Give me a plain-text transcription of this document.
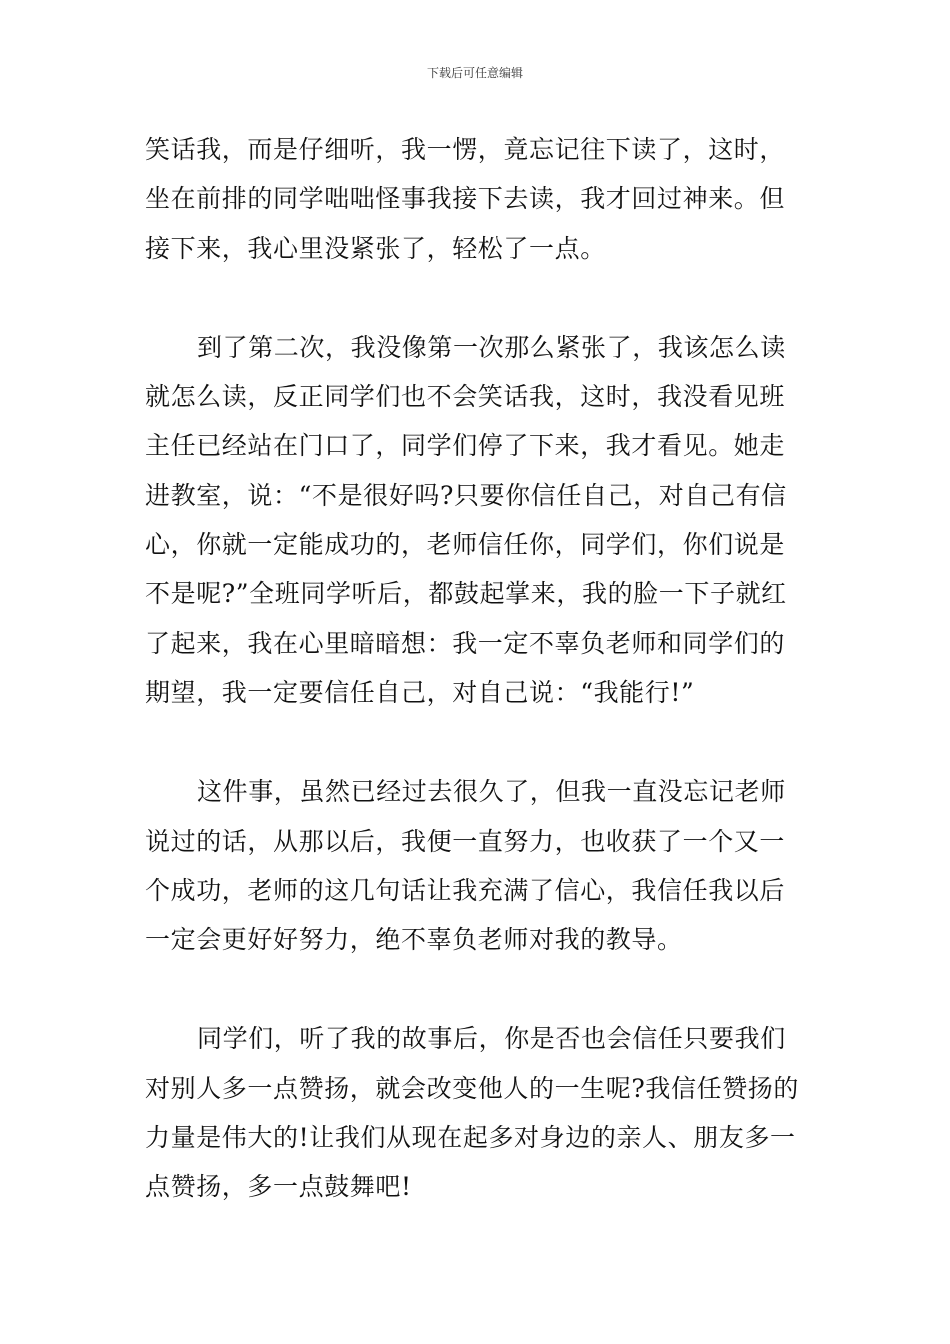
下载后可任意编辑

笑话我，而是仔细听，我一愣，竟忘记往下读了，这时，
坐在前排的同学咄咄怪事我接下去读，我才回过神来。但
接下来，我心里没紧张了，轻松了一点。

到了第二次，我没像第一次那么紧张了，我该怎么读
就怎么读，反正同学们也不会笑话我，这时，我没看见班
主任已经站在门口了，同学们停了下来，我才看见。她走
进教室，说：“不是很好吗?只要你信任自己，对自己有信
心，你就一定能成功的，老师信任你，同学们，你们说是
不是呢?”全班同学听后，都鼓起掌来，我的脸一下子就红
了起来，我在心里暗暗想：我一定不辜负老师和同学们的
期望，我一定要信任自己，对自己说：“我能行!”

这件事，虽然已经过去很久了，但我一直没忘记老师
说过的话，从那以后，我便一直努力，也收获了一个又一
个成功，老师的这几句话让我充满了信心，我信任我以后
一定会更好好努力，绝不辜负老师对我的教导。

同学们，听了我的故事后，你是否也会信任只要我们
对别人多一点赞扬，就会改变他人的一生呢?我信任赞扬的
力量是伟大的!让我们从现在起多对身边的亲人、朋友多一
点赞扬，多一点鼓舞吧!
